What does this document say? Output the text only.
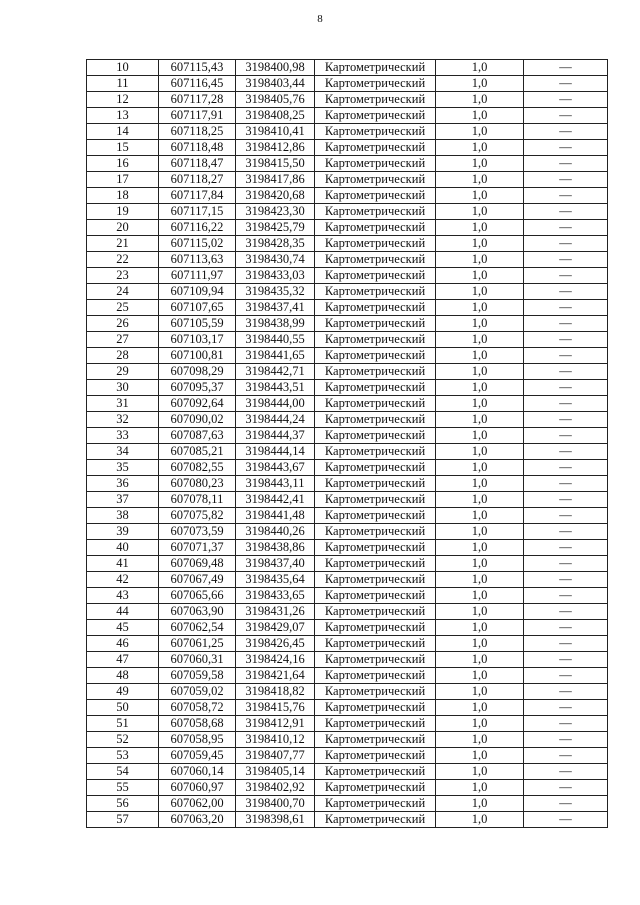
8
10	607115,43	3198400,98	Картометрический	1,0	—
11	607116,45	3198403,44	Картометрический	1,0	—
12	607117,28	3198405,76	Картометрический	1,0	—
13	607117,91	3198408,25	Картометрический	1,0	—
14	607118,25	3198410,41	Картометрический	1,0	—
15	607118,48	3198412,86	Картометрический	1,0	—
16	607118,47	3198415,50	Картометрический	1,0	—
17	607118,27	3198417,86	Картометрический	1,0	—
18	607117,84	3198420,68	Картометрический	1,0	—
19	607117,15	3198423,30	Картометрический	1,0	—
20	607116,22	3198425,79	Картометрический	1,0	—
21	607115,02	3198428,35	Картометрический	1,0	—
22	607113,63	3198430,74	Картометрический	1,0	—
23	607111,97	3198433,03	Картометрический	1,0	—
24	607109,94	3198435,32	Картометрический	1,0	—
25	607107,65	3198437,41	Картометрический	1,0	—
26	607105,59	3198438,99	Картометрический	1,0	—
27	607103,17	3198440,55	Картометрический	1,0	—
28	607100,81	3198441,65	Картометрический	1,0	—
29	607098,29	3198442,71	Картометрический	1,0	—
30	607095,37	3198443,51	Картометрический	1,0	—
31	607092,64	3198444,00	Картометрический	1,0	—
32	607090,02	3198444,24	Картометрический	1,0	—
33	607087,63	3198444,37	Картометрический	1,0	—
34	607085,21	3198444,14	Картометрический	1,0	—
35	607082,55	3198443,67	Картометрический	1,0	—
36	607080,23	3198443,11	Картометрический	1,0	—
37	607078,11	3198442,41	Картометрический	1,0	—
38	607075,82	3198441,48	Картометрический	1,0	—
39	607073,59	3198440,26	Картометрический	1,0	—
40	607071,37	3198438,86	Картометрический	1,0	—
41	607069,48	3198437,40	Картометрический	1,0	—
42	607067,49	3198435,64	Картометрический	1,0	—
43	607065,66	3198433,65	Картометрический	1,0	—
44	607063,90	3198431,26	Картометрический	1,0	—
45	607062,54	3198429,07	Картометрический	1,0	—
46	607061,25	3198426,45	Картометрический	1,0	—
47	607060,31	3198424,16	Картометрический	1,0	—
48	607059,58	3198421,64	Картометрический	1,0	—
49	607059,02	3198418,82	Картометрический	1,0	—
50	607058,72	3198415,76	Картометрический	1,0	—
51	607058,68	3198412,91	Картометрический	1,0	—
52	607058,95	3198410,12	Картометрический	1,0	—
53	607059,45	3198407,77	Картометрический	1,0	—
54	607060,14	3198405,14	Картометрический	1,0	—
55	607060,97	3198402,92	Картометрический	1,0	—
56	607062,00	3198400,70	Картометрический	1,0	—
57	607063,20	3198398,61	Картометрический	1,0	—
